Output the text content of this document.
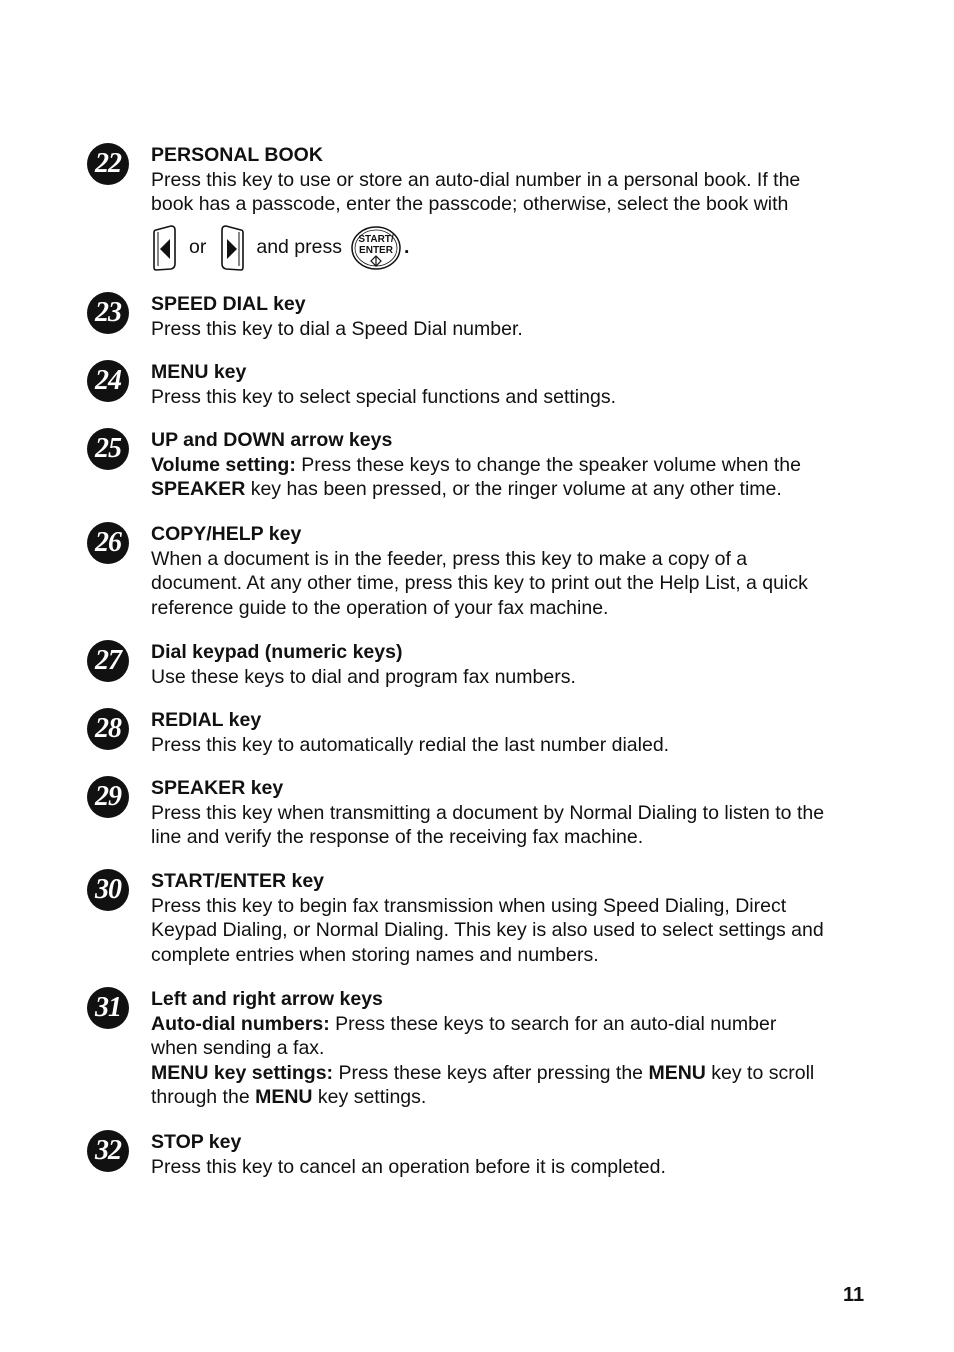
22	PERSONAL BOOK
Press this key to use or store an auto-dial number in a personal book. If the
book has a passcode, enter the passcode; otherwise, select the book with
or	and press START/
ENTER .
23	SPEED DIAL key
Press this key to dial a Speed Dial number.
24	MENU key
Press this key to select special functions and settings.
25	UP and DOWN arrow keys
Volume setting: Press these keys to change the speaker volume when the
SPEAKER key has been pressed, or the ringer volume at any other time.
26	COPY/HELP key
When a document is in the feeder, press this key to make a copy of a
document. At any other time, press this key to print out the Help List, a quick
reference guide to the operation of your fax machine.
27	Dial keypad (numeric keys)
Use these keys to dial and program fax numbers.
28	REDIAL key
Press this key to automatically redial the last number dialed.
29	SPEAKER key
Press this key when transmitting a document by Normal Dialing to listen to the
line and verify the response of the receiving fax machine.
30	START/ENTER key
Press this key to begin fax transmission when using Speed Dialing, Direct
Keypad Dialing, or Normal Dialing. This key is also used to select settings and
complete entries when storing names and numbers.
31	Left and right arrow keys
Auto-dial numbers: Press these keys to search for an auto-dial number
when sending a fax.
MENU key settings: Press these keys after pressing the MENU key to scroll
through the MENU key settings.
32	STOP key
Press this key to cancel an operation before it is completed.
11
